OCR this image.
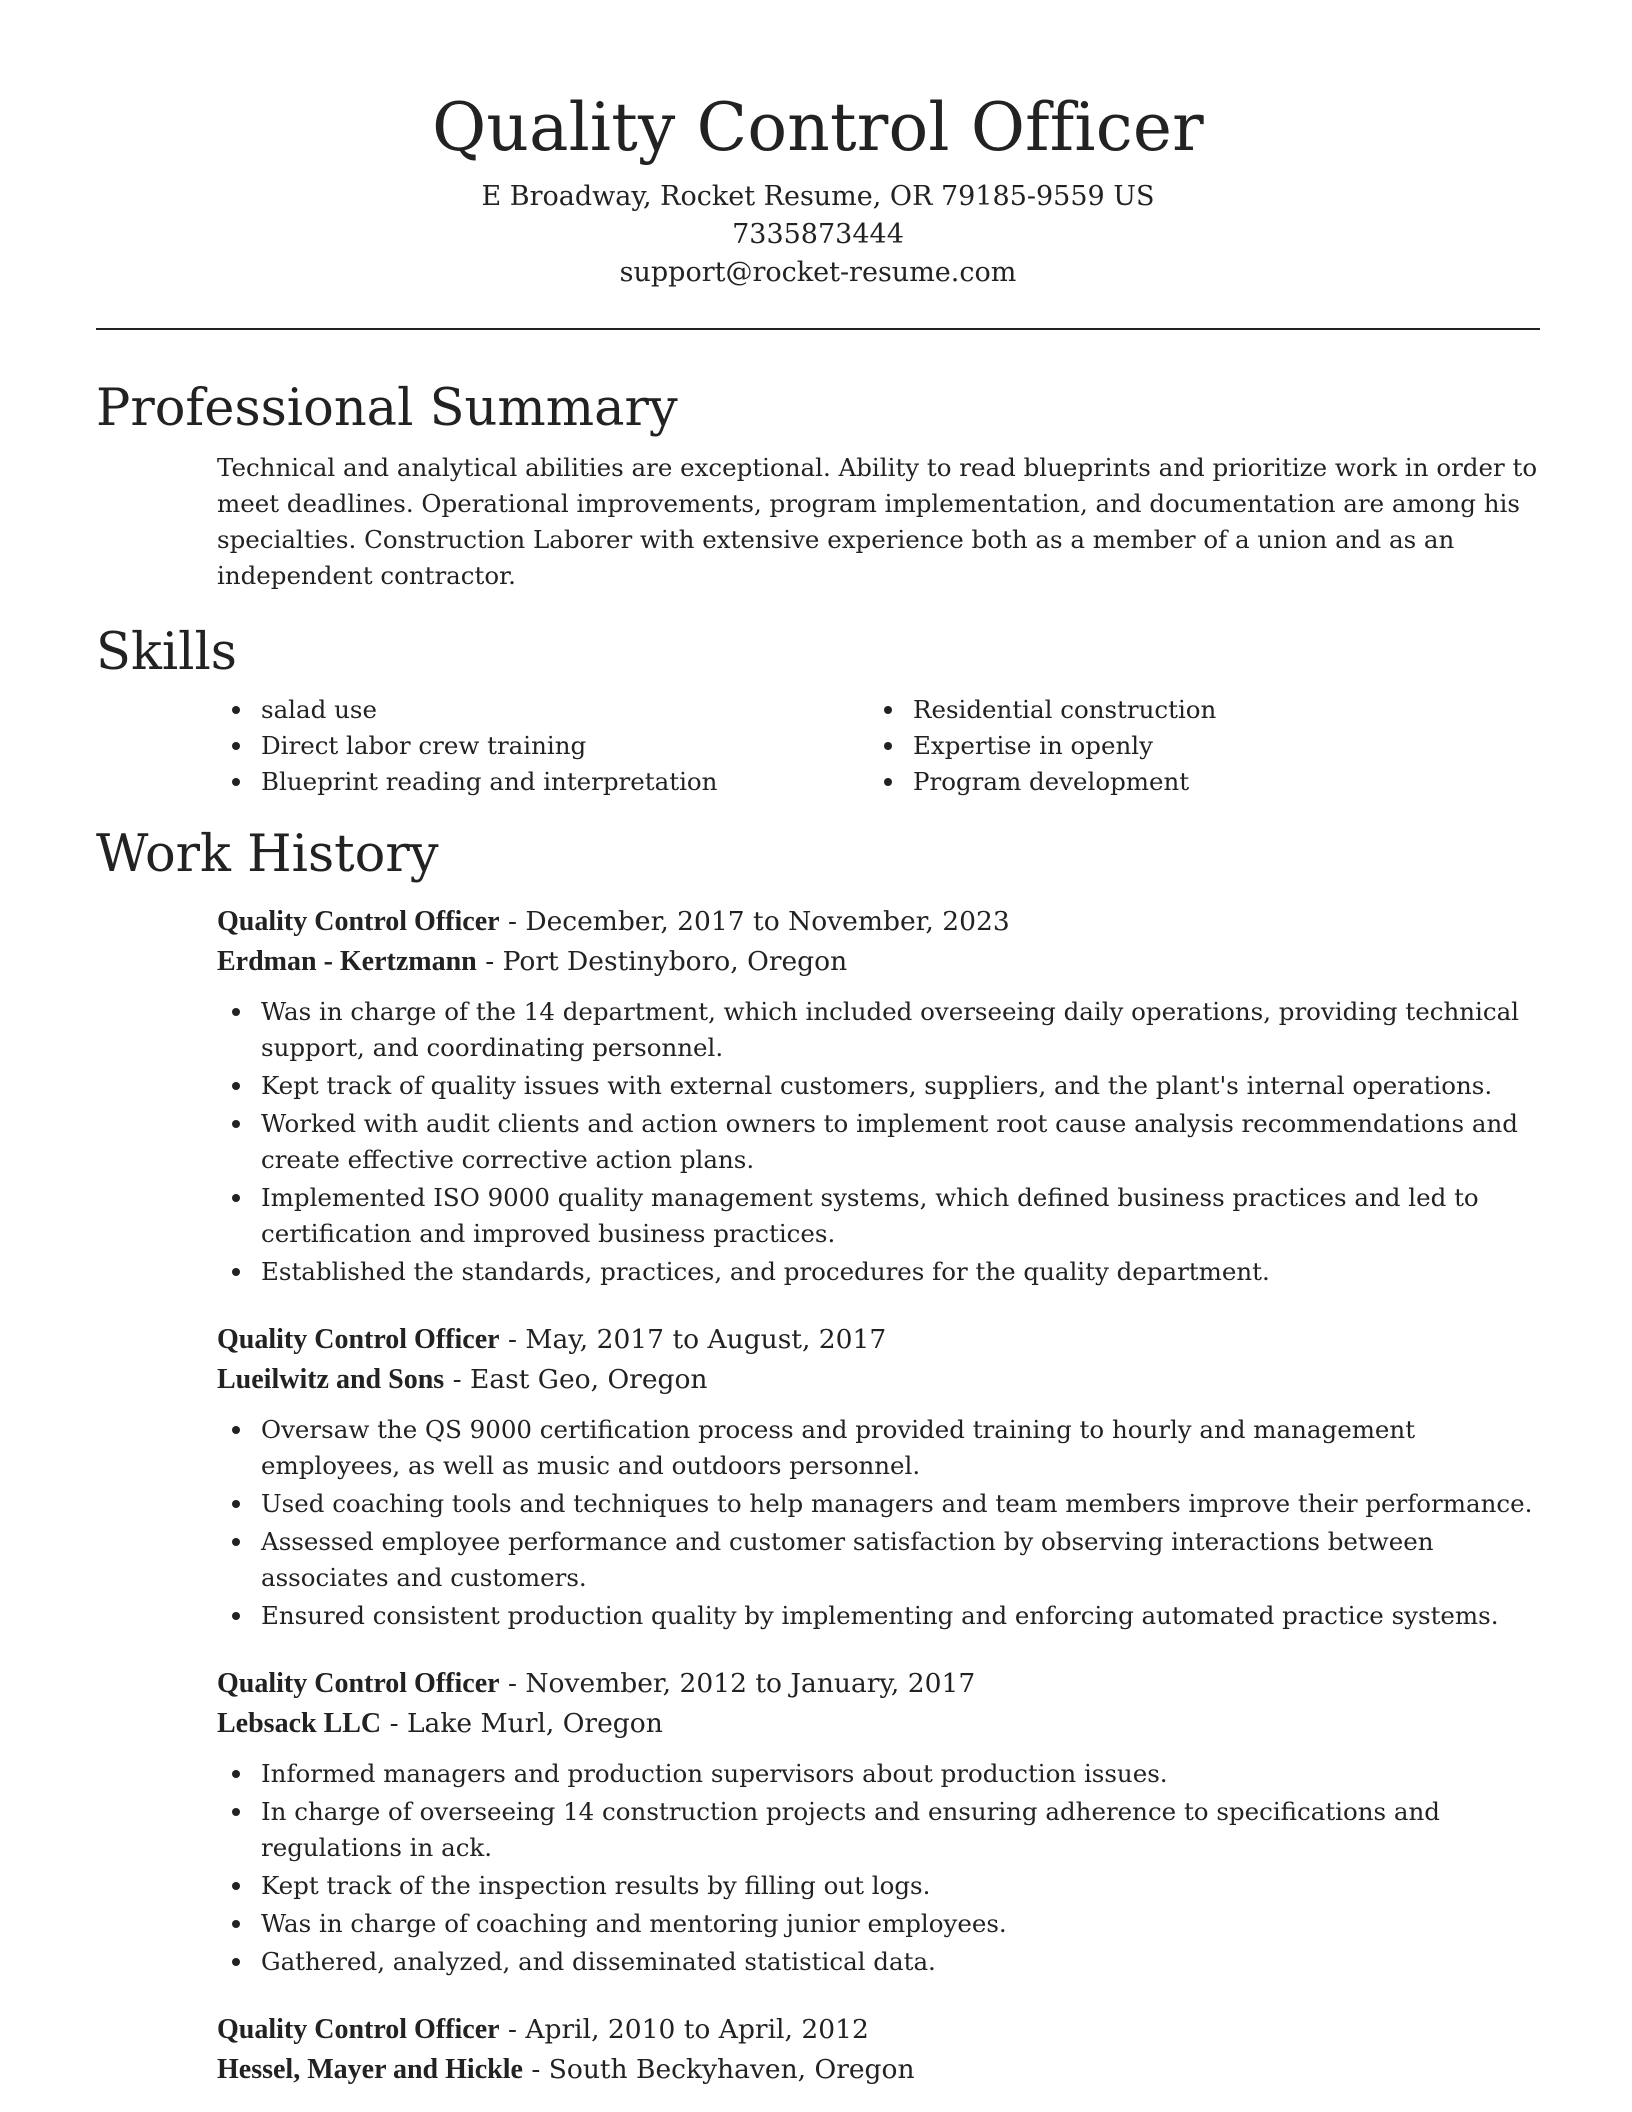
Quality Control Officer
E Broadway, Rocket Resume, OR 79185-9559 US
7335873444
support@rocket-resume.com
Professional Summary

Technical and analytical abilities are exceptional. Ability to read blueprints and prioritize work in order to meet deadlines. Operational improvements, program implementation, and documentation are among his specialties. Construction Laborer with extensive experience both as a member of a union and as an independent contractor.

Skills
salad use
Direct labor crew training
Blueprint reading and interpretation
Residential construction
Expertise in openly
Program development
Work History
Quality Control Officer - December, 2017 to November, 2023
Erdman - Kertzmann - Port Destinyboro, Oregon
Was in charge of the 14 department, which included overseeing daily operations, providing technical support, and coordinating personnel.
Kept track of quality issues with external customers, suppliers, and the plant's internal operations.
Worked with audit clients and action owners to implement root cause analysis recommendations and create effective corrective action plans.
Implemented ISO 9000 quality management systems, which defined business practices and led to certification and improved business practices.
Established the standards, practices, and procedures for the quality department.
Quality Control Officer - May, 2017 to August, 2017
Lueilwitz and Sons - East Geo, Oregon
Oversaw the QS 9000 certification process and provided training to hourly and management employees, as well as music and outdoors personnel.
Used coaching tools and techniques to help managers and team members improve their performance.
Assessed employee performance and customer satisfaction by observing interactions between associates and customers.
Ensured consistent production quality by implementing and enforcing automated practice systems.
Quality Control Officer - November, 2012 to January, 2017
Lebsack LLC - Lake Murl, Oregon
Informed managers and production supervisors about production issues.
In charge of overseeing 14 construction projects and ensuring adherence to specifications and regulations in ack.
Kept track of the inspection results by filling out logs.
Was in charge of coaching and mentoring junior employees.
Gathered, analyzed, and disseminated statistical data.
Quality Control Officer - April, 2010 to April, 2012
Hessel, Mayer and Hickle - South Beckyhaven, Oregon
